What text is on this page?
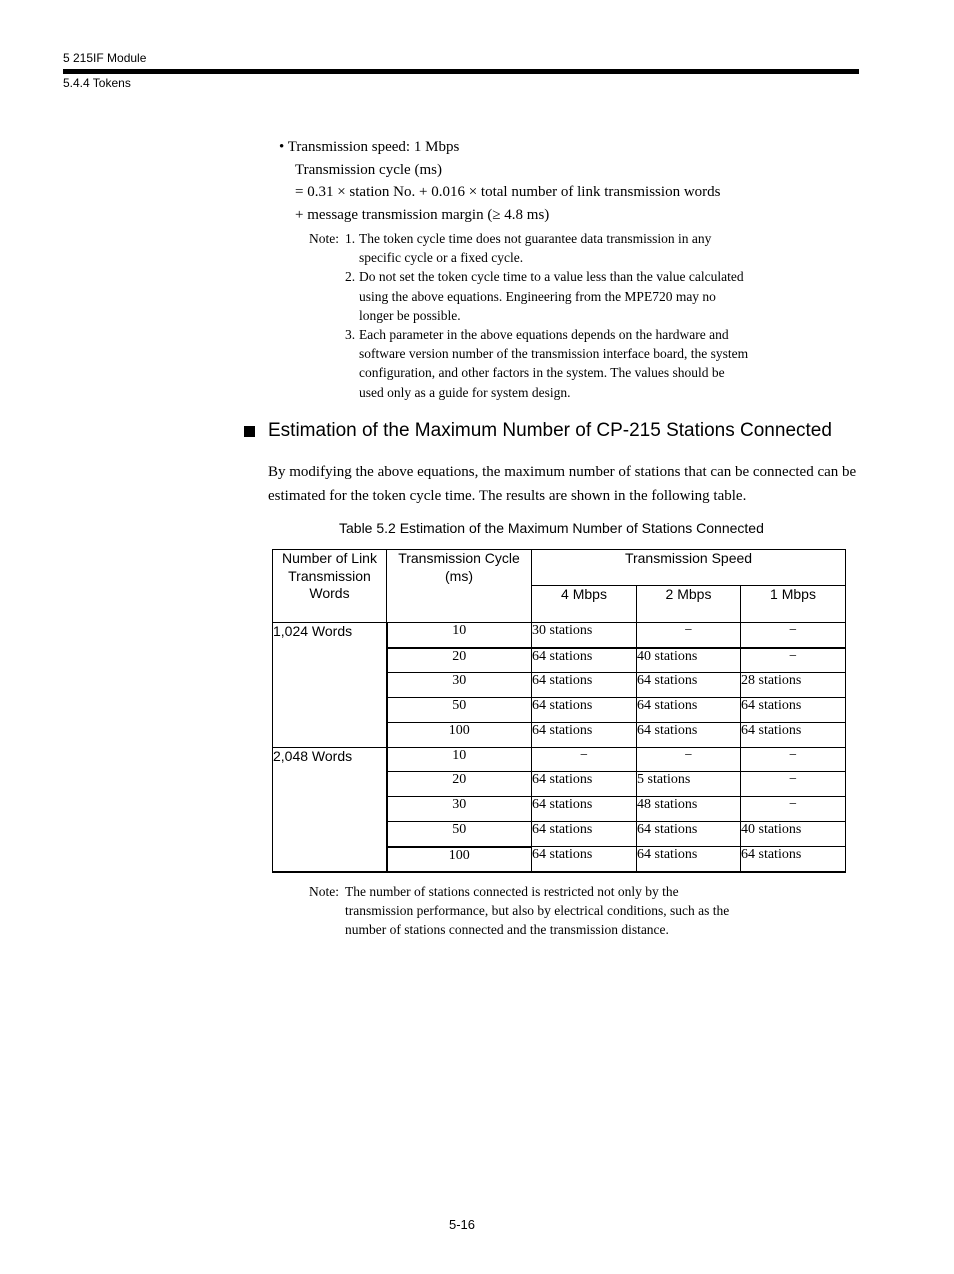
5 215IF Module
5.4.4 Tokens
• Transmission speed: 1 Mbps
Transmission cycle (ms)
= 0.31 × station No. + 0.016 × total number of link transmission words
+ message transmission margin (≥ 4.8 ms)
Note: 1. The token cycle time does not guarantee data transmission in any specific cycle or a fixed cycle.
2. Do not set the token cycle time to a value less than the value calculated using the above equations. Engineering from the MPE720 may no longer be possible.
3. Each parameter in the above equations depends on the hardware and software version number of the transmission interface board, the system configuration, and other factors in the system. The values should be used only as a guide for system design.
Estimation of the Maximum Number of CP-215 Stations Connected
By modifying the above equations, the maximum number of stations that can be connected can be estimated for the token cycle time. The results are shown in the following table.
Table 5.2 Estimation of the Maximum Number of Stations Connected
Number of Link Transmission Words	Transmission Cycle (ms)	Transmission Speed		
		4 Mbps	2 Mbps	1 Mbps
1,024 Words	10	30 stations	−	−
	20	64 stations	40 stations	−
	30	64 stations	64 stations	28 stations
	50	64 stations	64 stations	64 stations
	100	64 stations	64 stations	64 stations
2,048 Words	10	−	−	−
	20	64 stations	5 stations	−
	30	64 stations	48 stations	−
	50	64 stations	64 stations	40 stations
	100	64 stations	64 stations	64 stations
Note: The number of stations connected is restricted not only by the transmission performance, but also by electrical conditions, such as the number of stations connected and the transmission distance.
5-16
